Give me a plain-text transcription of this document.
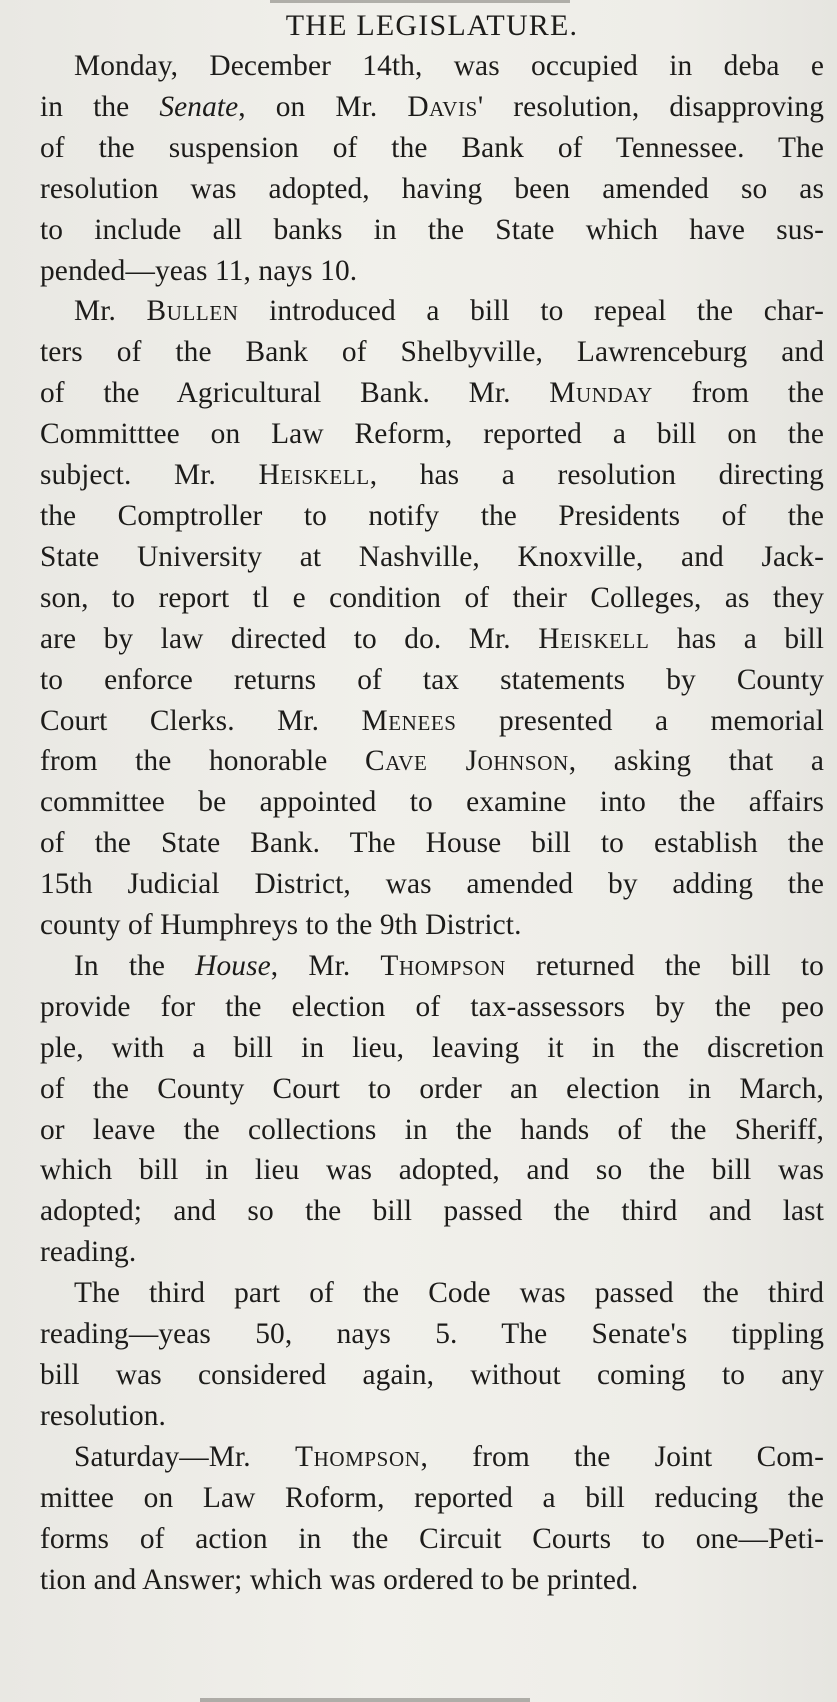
THE LEGISLATURE.

Monday, December 14th, was occupied in deba e
in the Senate, on Mr. Davis' resolution, disapproving
of the suspension of the Bank of Tennessee. The
resolution was adopted, having been amended so as
to include all banks in the State which have sus-
pended—yeas 11, nays 10.

Mr. Bullen introduced a bill to repeal the char-
ters of the Bank of Shelbyville, Lawrenceburg and
of the Agricultural Bank. Mr. Munday from the
Committtee on Law Reform, reported a bill on the
subject. Mr. Heiskell, has a resolution directing
the Comptroller to notify the Presidents of the
State University at Nashville, Knoxville, and Jack-
son, to report tl e condition of their Colleges, as they
are by law directed to do. Mr. Heiskell has a bill
to enforce returns of tax statements by County
Court Clerks. Mr. Menees presented a memorial
from the honorable Cave Johnson, asking that a
committee be appointed to examine into the affairs
of the State Bank. The House bill to establish the
15th Judicial District, was amended by adding the
county of Humphreys to the 9th District.

In the House, Mr. Thompson returned the bill to
provide for the election of tax-assessors by the peo
ple, with a bill in lieu, leaving it in the discretion
of the County Court to order an election in March,
or leave the collections in the hands of the Sheriff,
which bill in lieu was adopted, and so the bill was
adopted; and so the bill passed the third and last
reading.

The third part of the Code was passed the third
reading—yeas 50, nays 5. The Senate's tippling
bill was considered again, without coming to any
resolution.

Saturday—Mr. Thompson, from the Joint Com-
mittee on Law Roform, reported a bill reducing the
forms of action in the Circuit Courts to one—Peti-
tion and Answer; which was ordered to be printed.
